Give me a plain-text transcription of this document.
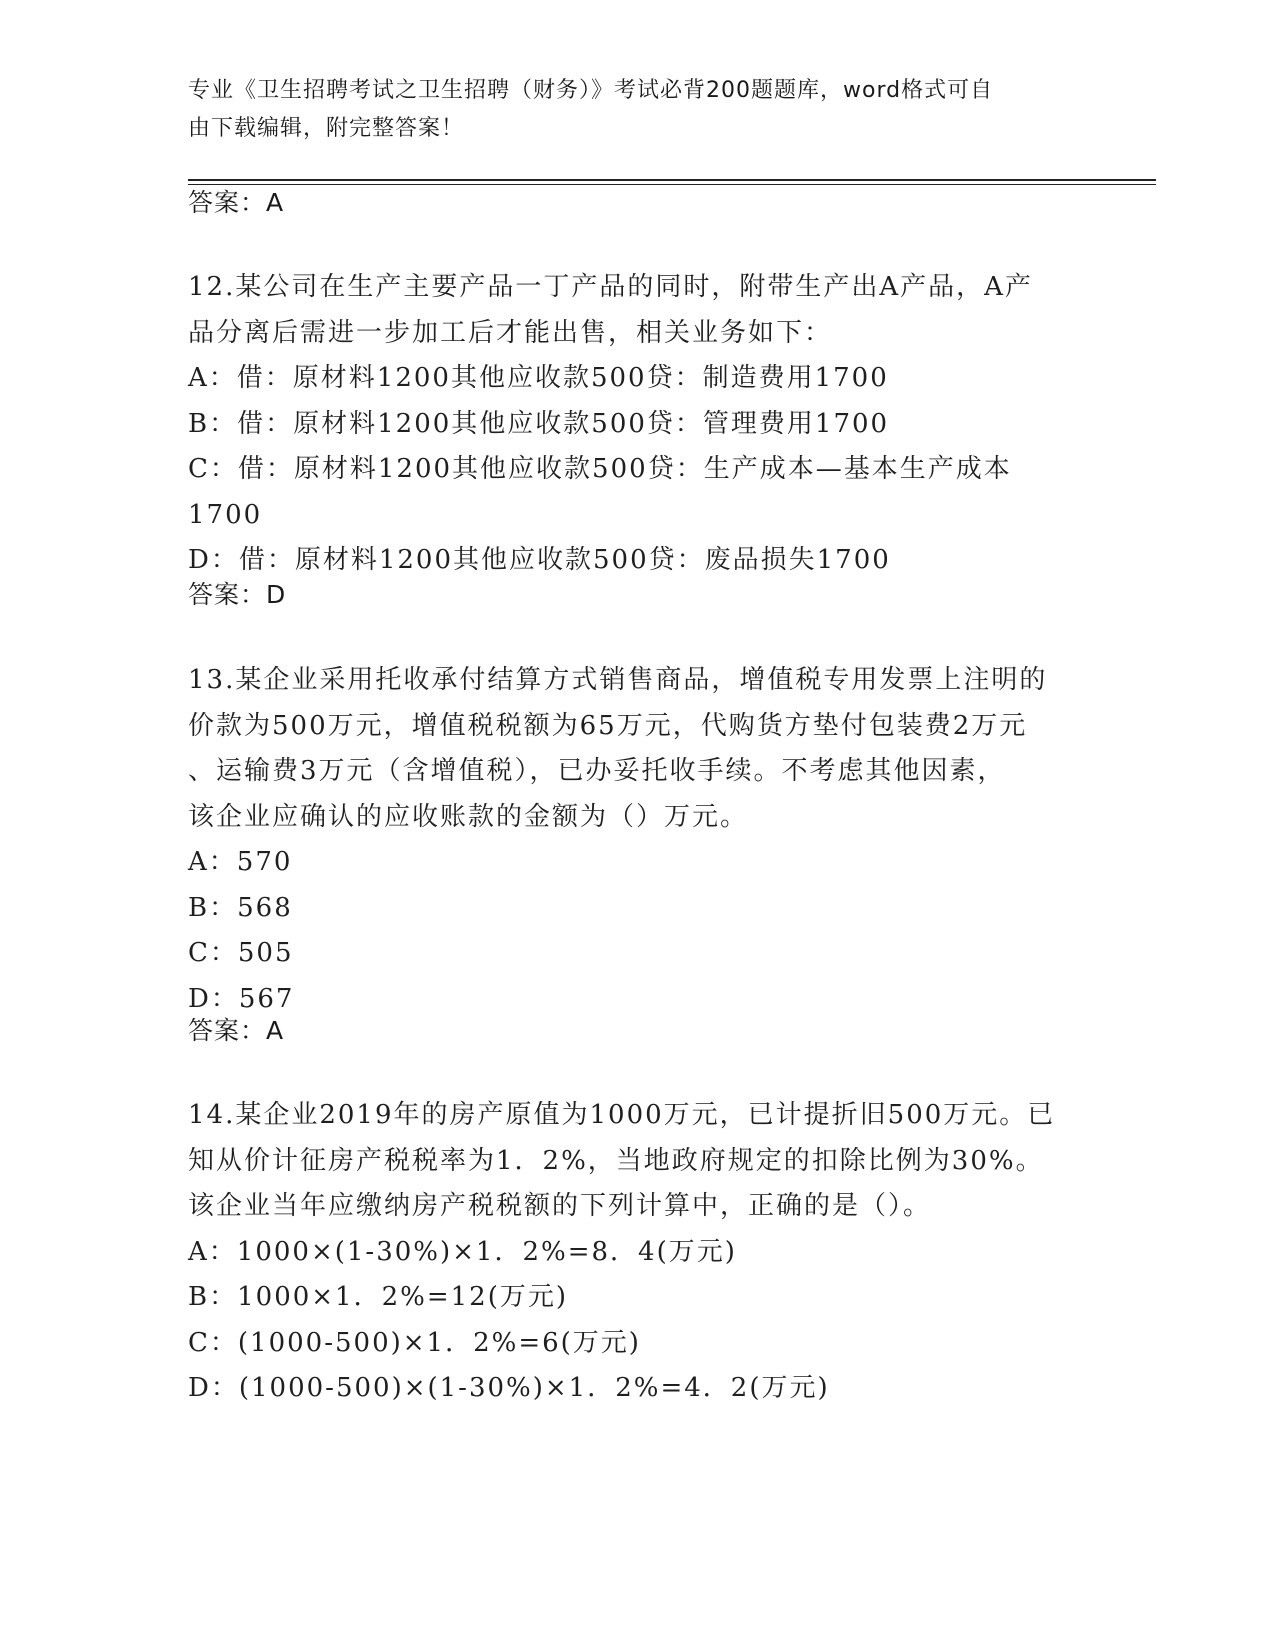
专业《卫生招聘考试之卫生招聘（财务）》考试必背200题题库，word格式可自
由下载编辑，附完整答案！
答案：A
12.某公司在生产主要产品一丁产品的同时，附带生产出A产品，A产
品分离后需进一步加工后才能出售，相关业务如下：
A：借：原材料1200其他应收款500贷：制造费用1700
B：借：原材料1200其他应收款500贷：管理费用1700
C：借：原材料1200其他应收款500贷：生产成本—基本生产成本
1700
D：借：原材料1200其他应收款500贷：废品损失1700
答案：D
13.某企业采用托收承付结算方式销售商品，增值税专用发票上注明的
价款为500万元，增值税税额为65万元，代购货方垫付包装费2万元
、运输费3万元（含增值税），已办妥托收手续。不考虑其他因素，
该企业应确认的应收账款的金额为（）万元。
A：570
B：568
C：505
D：567
答案：A
14.某企业2019年的房产原值为1000万元，已计提折旧500万元。已
知从价计征房产税税率为1．2%，当地政府规定的扣除比例为30%。
该企业当年应缴纳房产税税额的下列计算中，正确的是（）。
A：1000×(1-30%)×1．2%=8．4(万元)
B：1000×1．2%=12(万元)
C：(1000-500)×1．2%=6(万元)
D：(1000-500)×(1-30%)×1．2%=4．2(万元)
